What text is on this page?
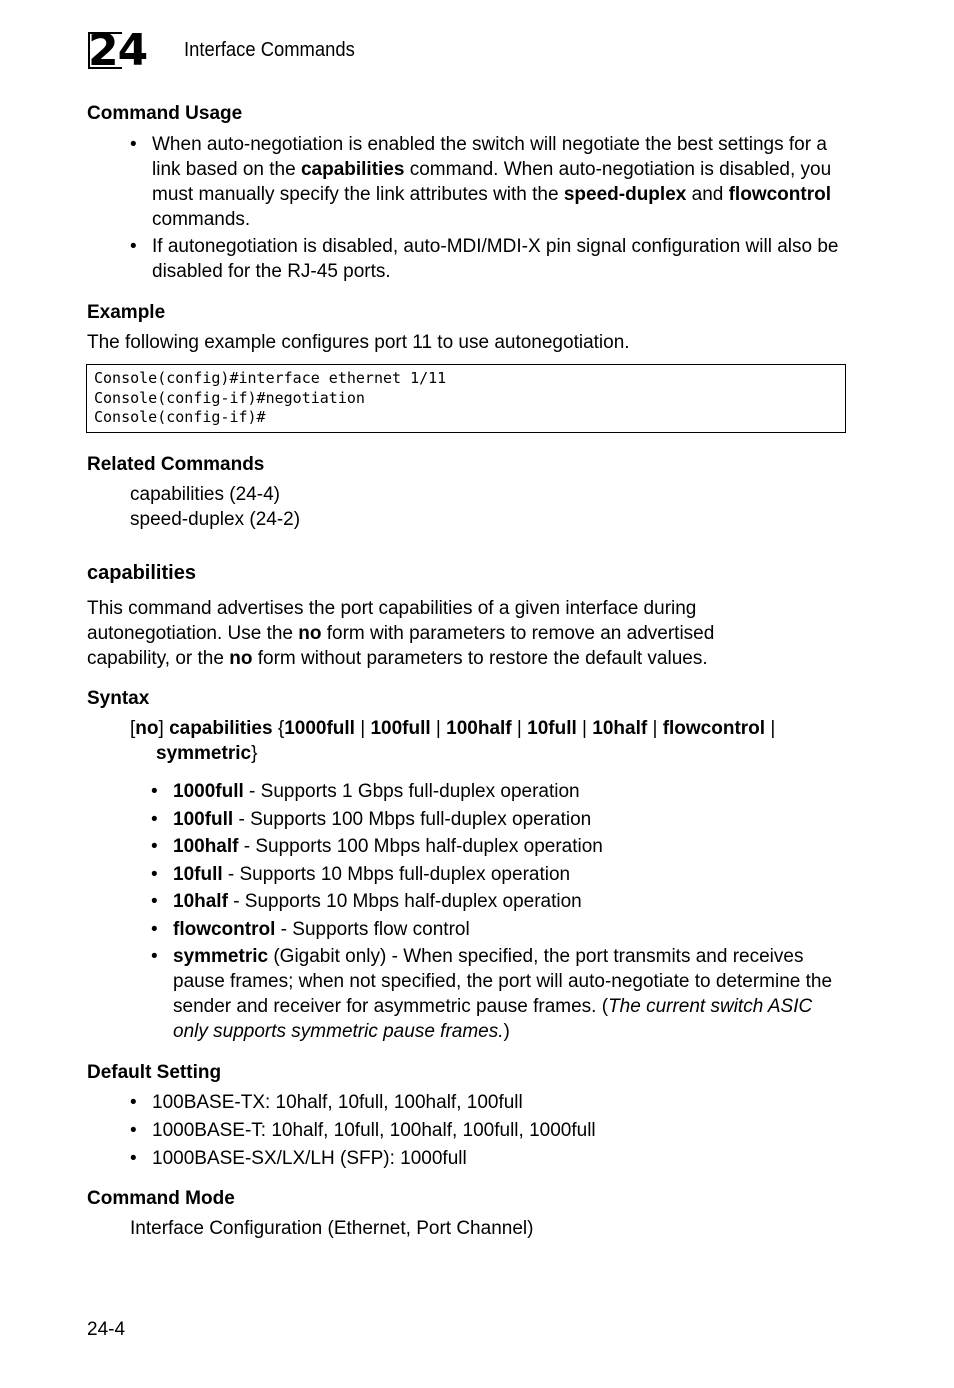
24	Interface Commands
Command Usage
• When auto-negotiation is enabled the switch will negotiate the best settings for a link based on the capabilities command. When auto-negotiation is disabled, you must manually specify the link attributes with the speed-duplex and flowcontrol commands.
• If autonegotiation is disabled, auto-MDI/MDI-X pin signal configuration will also be disabled for the RJ-45 ports.
Example
The following example configures port 11 to use autonegotiation.
Console(config)#interface ethernet 1/11
Console(config-if)#negotiation
Console(config-if)#
Related Commands
capabilities (24-4)
speed-duplex (24-2)
capabilities
This command advertises the port capabilities of a given interface during autonegotiation. Use the no form with parameters to remove an advertised capability, or the no form without parameters to restore the default values.
Syntax
[no] capabilities {1000full | 100full | 100half | 10full | 10half | flowcontrol |
symmetric}
• 1000full - Supports 1 Gbps full-duplex operation
• 100full - Supports 100 Mbps full-duplex operation
• 100half - Supports 100 Mbps half-duplex operation
• 10full - Supports 10 Mbps full-duplex operation
• 10half - Supports 10 Mbps half-duplex operation
• flowcontrol - Supports flow control
• symmetric (Gigabit only) - When specified, the port transmits and receives pause frames; when not specified, the port will auto-negotiate to determine the sender and receiver for asymmetric pause frames. (The current switch ASIC only supports symmetric pause frames.)
Default Setting
• 100BASE-TX: 10half, 10full, 100half, 100full
• 1000BASE-T: 10half, 10full, 100half, 100full, 1000full
• 1000BASE-SX/LX/LH (SFP): 1000full
Command Mode
Interface Configuration (Ethernet, Port Channel)
24-4
